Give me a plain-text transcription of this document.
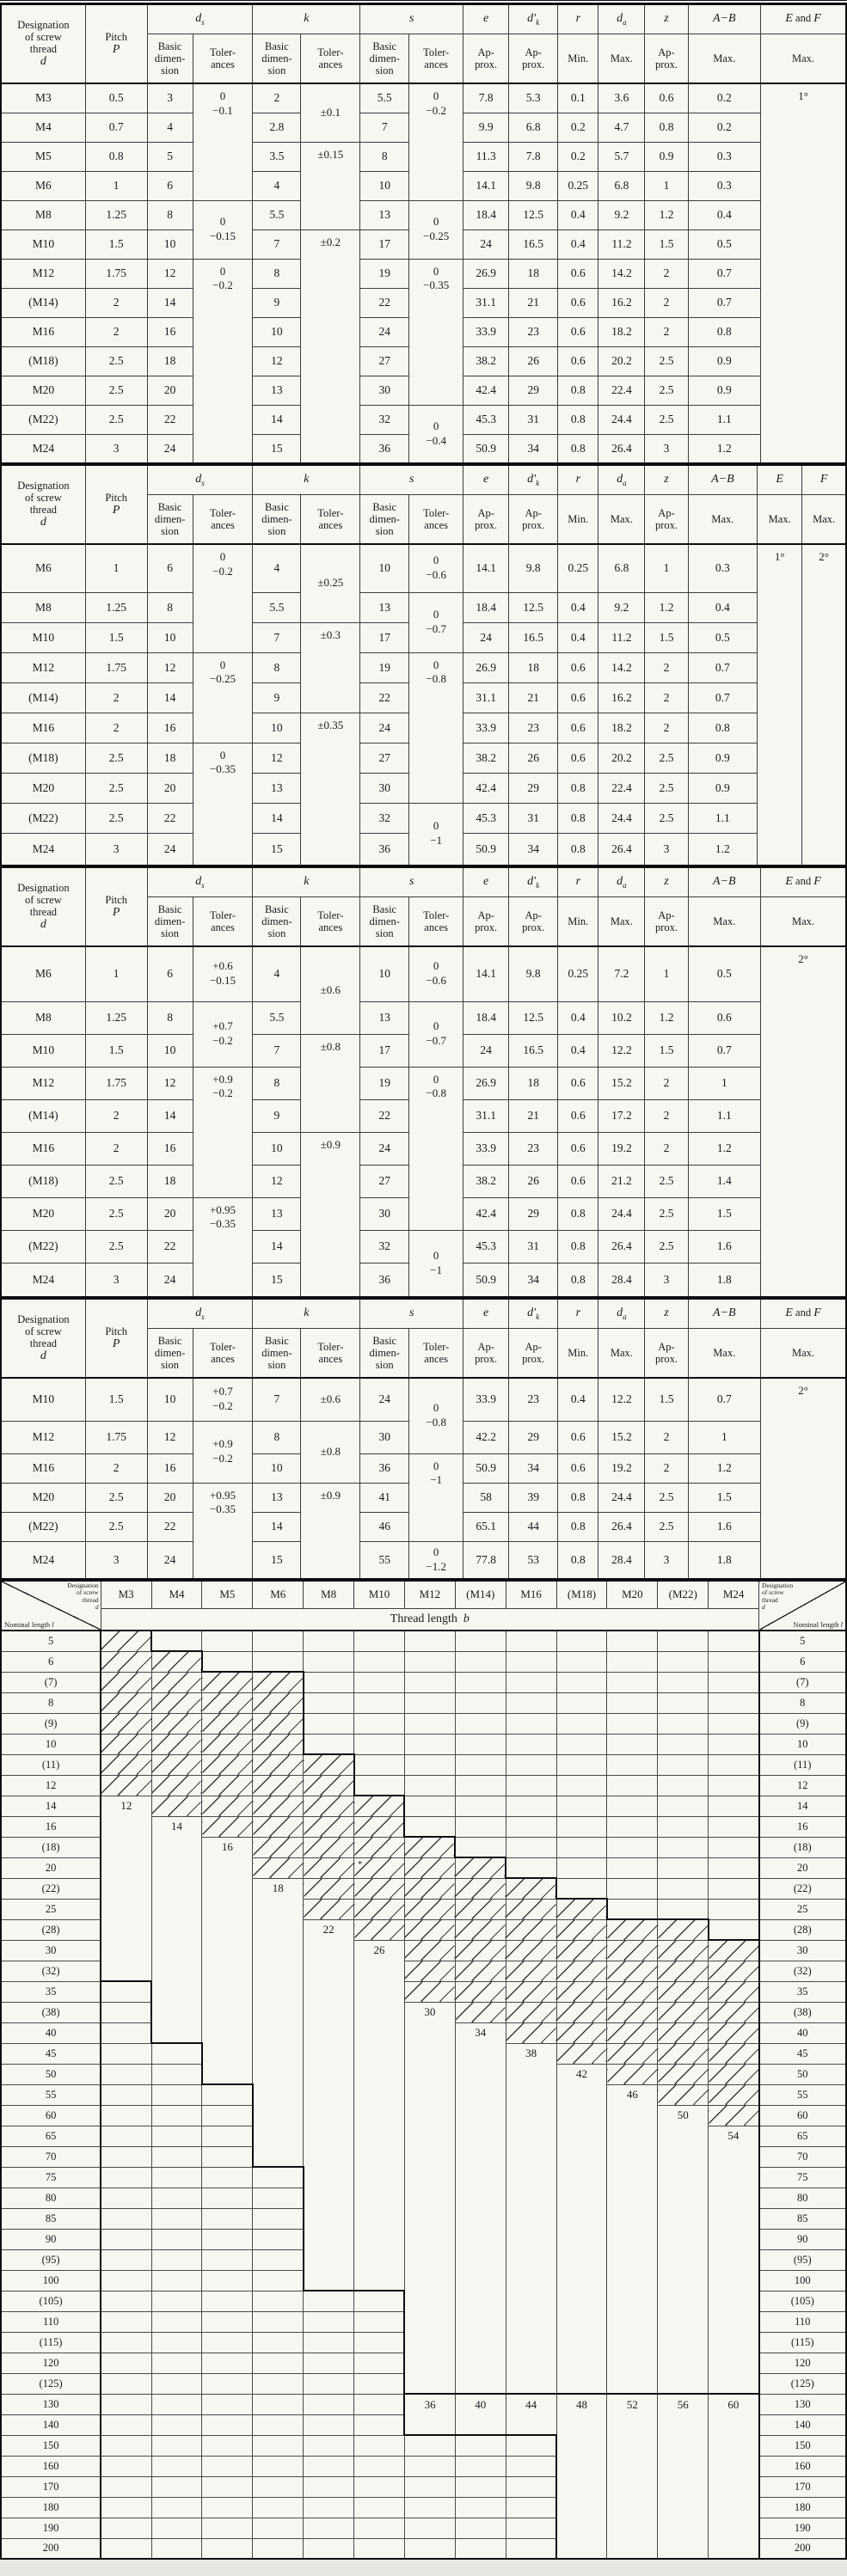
Designation
of screw
thread
d	Pitch
P	$d_s$		k		s		e	$d'_k$	r	$d_a$	z	A−B	E and F
		Basic
dimen-
sion	Toler-
ances	Basic
dimen-
sion	Toler-
ances	Basic
dimen-
sion	Toler-
ances	Ap-
prox.	Ap-
prox.	Min.	Max.	Ap-
prox.	Max.	Max.
M3	0.5	3	0
−0.1	2	±0.1	5.5	0
−0.2	7.8	5.3	0.1	3.6	0.6	0.2	1°
M4	0.7	4		2.8		7		9.9	6.8	0.2	4.7	0.8	0.2	
M5	0.8	5		3.5	±0.15	8		11.3	7.8	0.2	5.7	0.9	0.3	
M6	1	6		4		10		14.1	9.8	0.25	6.8	1	0.3	
M8	1.25	8	0
−0.15	5.5		13	0
−0.25	18.4	12.5	0.4	9.2	1.2	0.4	
M10	1.5	10		7	±0.2	17		24	16.5	0.4	11.2	1.5	0.5	
M12	1.75	12	0
−0.2	8		19	0
−0.35	26.9	18	0.6	14.2	2	0.7	
(M14)	2	14		9		22		31.1	21	0.6	16.2	2	0.7	
M16	2	16		10		24		33.9	23	0.6	18.2	2	0.8	
(M18)	2.5	18		12		27		38.2	26	0.6	20.2	2.5	0.9	
M20	2.5	20		13		30		42.4	29	0.8	22.4	2.5	0.9	
(M22)	2.5	22		14		32	0
−0.4	45.3	31	0.8	24.4	2.5	1.1	
M24	3	24		15		36		50.9	34	0.8	26.4	3	1.2	
Designation
of screw
thread
d	Pitch
P	$d_s$		k		s		e	$d'_k$	r	$d_a$	z	A−B	E	F
		Basic
dimen-
sion	Toler-
ances	Basic
dimen-
sion	Toler-
ances	Basic
dimen-
sion	Toler-
ances	Ap-
prox.	Ap-
prox.	Min.	Max.	Ap-
prox.	Max.	Max.	Max.
M6	1	6	0
−0.2	4	±0.25	10	0
−0.6	14.1	9.8	0.25	6.8	1	0.3	1°	2°
M8	1.25	8		5.5		13	0
−0.7	18.4	12.5	0.4	9.2	1.2	0.4		
M10	1.5	10		7	±0.3	17		24	16.5	0.4	11.2	1.5	0.5		
M12	1.75	12	0
−0.25	8		19	0
−0.8	26.9	18	0.6	14.2	2	0.7		
(M14)	2	14		9		22		31.1	21	0.6	16.2	2	0.7		
M16	2	16		10	±0.35	24		33.9	23	0.6	18.2	2	0.8		
(M18)	2.5	18	0
−0.35	12		27		38.2	26	0.6	20.2	2.5	0.9		
M20	2.5	20		13		30		42.4	29	0.8	22.4	2.5	0.9		
(M22)	2.5	22		14		32	0
−1	45.3	31	0.8	24.4	2.5	1.1		
M24	3	24		15		36		50.9	34	0.8	26.4	3	1.2		
Designation
of screw
thread
d	Pitch
P	$d_s$		k		s		e	$d'_k$	r	$d_a$	z	A−B	E and F
		Basic
dimen-
sion	Toler-
ances	Basic
dimen-
sion	Toler-
ances	Basic
dimen-
sion	Toler-
ances	Ap-
prox.	Ap-
prox.	Min.	Max.	Ap-
prox.	Max.	Max.
M6	1	6	+0.6
−0.15	4	±0.6	10	0
−0.6	14.1	9.8	0.25	7.2	1	0.5	2°
M8	1.25	8	+0.7
−0.2	5.5		13	0
−0.7	18.4	12.5	0.4	10.2	1.2	0.6	
M10	1.5	10		7	±0.8	17		24	16.5	0.4	12.2	1.5	0.7	
M12	1.75	12	+0.9
−0.2	8		19	0
−0.8	26.9	18	0.6	15.2	2	1	
(M14)	2	14		9		22		31.1	21	0.6	17.2	2	1.1	
M16	2	16		10	±0.9	24		33.9	23	0.6	19.2	2	1.2	
(M18)	2.5	18		12		27		38.2	26	0.6	21.2	2.5	1.4	
M20	2.5	20	+0.95
−0.35	13		30		42.4	29	0.8	24.4	2.5	1.5	
(M22)	2.5	22		14		32	0
−1	45.3	31	0.8	26.4	2.5	1.6	
M24	3	24		15		36		50.9	34	0.8	28.4	3	1.8	
Designation
of screw
thread
d	Pitch
P	$d_s$		k		s		e	$d'_k$	r	$d_a$	z	A−B	E and F
		Basic
dimen-
sion	Toler-
ances	Basic
dimen-
sion	Toler-
ances	Basic
dimen-
sion	Toler-
ances	Ap-
prox.	Ap-
prox.	Min.	Max.	Ap-
prox.	Max.	Max.
M10	1.5	10	+0.7
−0.2	7	±0.6	24	0
−0.8	33.9	23	0.4	12.2	1.5	0.7	2°
M12	1.75	12	+0.9
−0.2	8	±0.8	30		42.2	29	0.6	15.2	2	1	
M16	2	16		10		36	0
−1	50.9	34	0.6	19.2	2	1.2	
M20	2.5	20	+0.95
−0.35	13	±0.9	41		58	39	0.8	24.4	2.5	1.5	
(M22)	2.5	22		14		46		65.1	44	0.8	26.4	2.5	1.6	
M24	3	24		15		55	0
−1.2	77.8	53	0.8	28.4	3	1.8	
Designation
of screw
thread
d
Nominal length l
	M3	M4	M5	M6	M8	M10	M12	(M14)	M16	(M18)	M20	(M22)	M24	
Designation
of screw
thread
d
Nominal length l

	Thread length  b													
5														5
6														6
(7)														(7)
8														8
(9)														(9)
10														10
(11)														(11)
12														12
14	12													14
16		14												16
(18)			16											(18)
20						*								20
(22)				18										(22)
25														25
(28)					22									(28)
30						26								30
(32)														(32)
35														35
(38)							30							(38)
40								34						40
45									38					45
50										42				50
55											46			55
60												50		60
65													54	65
70														70
75														75
80														80
85														85
90														90
(95)														(95)
100														100
(105)														(105)
110														110
(115)														(115)
120														120
(125)														(125)
130							36	40	44	48	52	56	60	130
140														140
150														150
160														160
170														170
180														180
190														190
200														200
